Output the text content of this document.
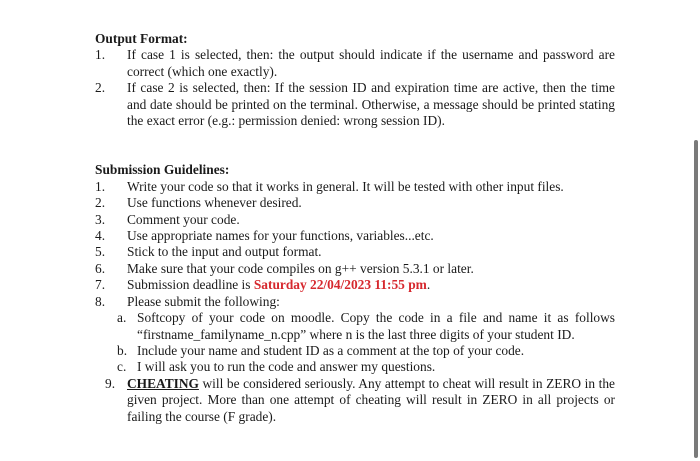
Output Format:

1. If case 1 is selected, then: the output should indicate if the username and password are correct (which one exactly).
2. If case 2 is selected, then: If the session ID and expiration time are active, then the time and date should be printed on the terminal. Otherwise, a message should be printed stating the exact error (e.g.: permission denied: wrong session ID).

Submission Guidelines:

1. Write your code so that it works in general. It will be tested with other input files.
2. Use functions whenever desired.
3. Comment your code.
4. Use appropriate names for your functions, variables...etc.
5. Stick to the input and output format.
6. Make sure that your code compiles on g++ version 5.3.1 or later.
7. Submission deadline is Saturday 22/04/2023 11:55 pm.
8. Please submit the following:
a. Softcopy of your code on moodle. Copy the code in a file and name it as follows “firstname_familyname_n.cpp” where n is the last three digits of your student ID.
b. Include your name and student ID as a comment at the top of your code.
c. I will ask you to run the code and answer my questions.
9. CHEATING will be considered seriously. Any attempt to cheat will result in ZERO in the given project. More than one attempt of cheating will result in ZERO in all projects or failing the course (F grade).
